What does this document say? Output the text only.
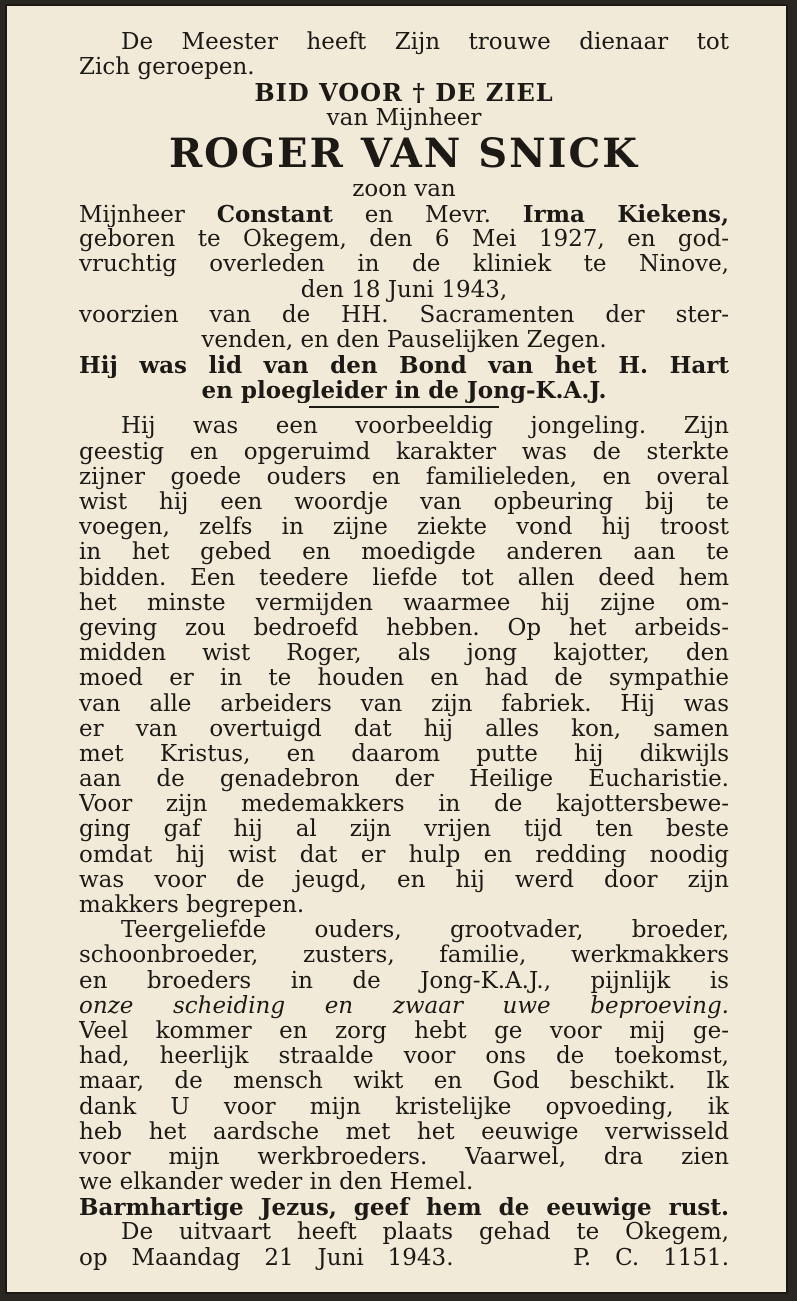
De Meester heeft Zijn trouwe dienaar tot
Zich geroepen.
BID VOOR † DE ZIEL
van Mijnheer
ROGER VAN SNICK
zoon van
Mijnheer Constant en Mevr. Irma Kiekens,
geboren te Okegem, den 6 Mei 1927, en god-
vruchtig overleden in de kliniek te Ninove,
den 18 Juni 1943,
voorzien van de HH. Sacramenten der ster-
venden, en den Pauselijken Zegen.
Hij was lid van den Bond van het H. Hart
en ploegleider in de Jong-K.A.J.
Hij was een voorbeeldig jongeling. Zijn
geestig en opgeruimd karakter was de sterkte
zijner goede ouders en familieleden, en overal
wist hij een woordje van opbeuring bij te
voegen, zelfs in zijne ziekte vond hij troost
in het gebed en moedigde anderen aan te
bidden. Een teedere liefde tot allen deed hem
het minste vermijden waarmee hij zijne om-
geving zou bedroefd hebben. Op het arbeids-
midden wist Roger, als jong kajotter, den
moed er in te houden en had de sympathie
van alle arbeiders van zijn fabriek. Hij was
er van overtuigd dat hij alles kon, samen
met Kristus, en daarom putte hij dikwijls
aan de genadebron der Heilige Eucharistie.
Voor zijn medemakkers in de kajottersbewe-
ging gaf hij al zijn vrijen tijd ten beste
omdat hij wist dat er hulp en redding noodig
was voor de jeugd, en hij werd door zijn
makkers begrepen.
Teergeliefde ouders, grootvader, broeder,
schoonbroeder, zusters, familie, werkmakkers
en broeders in de Jong-K.A.J., pijnlijk is
onze scheiding en zwaar uwe beproeving.
Veel kommer en zorg hebt ge voor mij ge-
had, heerlijk straalde voor ons de toekomst,
maar, de mensch wikt en God beschikt. Ik
dank U voor mijn kristelijke opvoeding, ik
heb het aardsche met het eeuwige verwisseld
voor mijn werkbroeders. Vaarwel, dra zien
we elkander weder in den Hemel.
Barmhartige Jezus, geef hem de eeuwige rust.
De uitvaart heeft plaats gehad te Okegem,
op Maandag 21 Juni 1943.     P. C. 1151.
